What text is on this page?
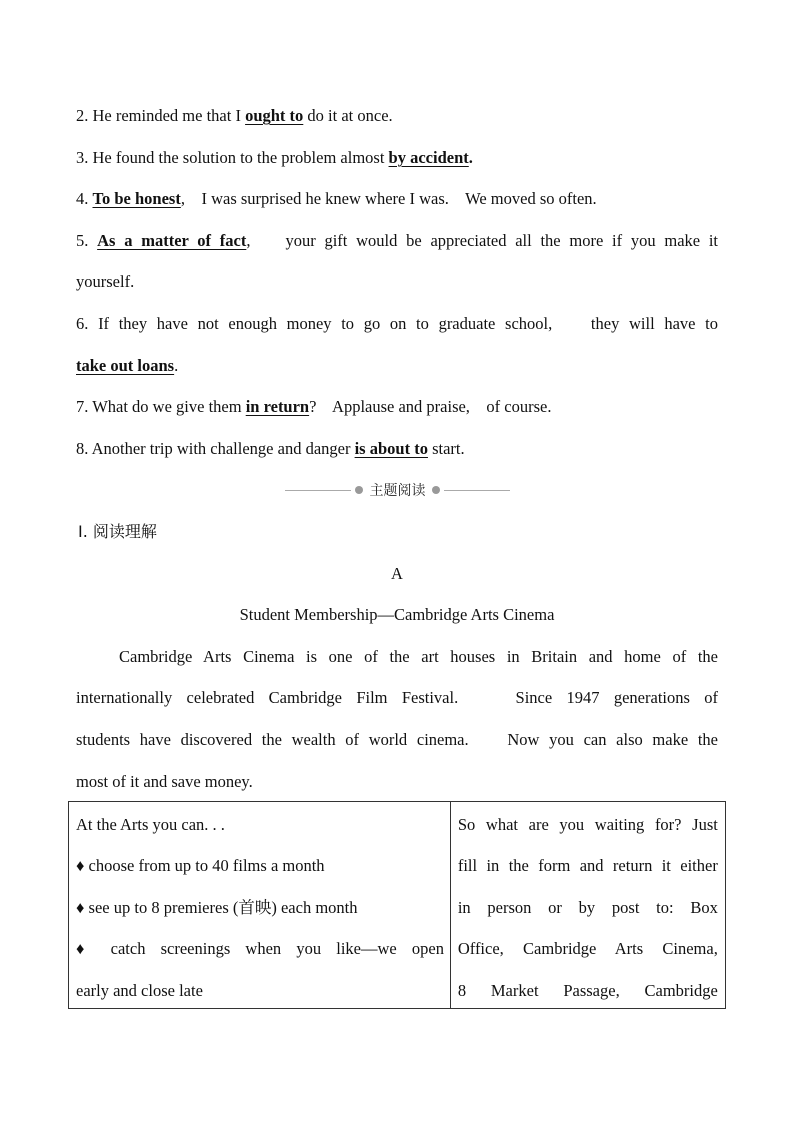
2. He reminded me that I ought to do it at once.
3. He found the solution to the problem almost by accident.
4. To be honest,    I was surprised he knew where I was.    We moved so often.
5. As a matter of fact,    your gift would be appreciated all the more if you make it
yourself.
6. If they have not enough money to go on to graduate school,    they will have to
take out loans.
7. What do we give them in return?    Applause and praise,    of course.
8. Another trip with challenge and danger is about to start.
主题阅读
Ⅰ. 阅读理解
A
Student Membership—Cambridge Arts Cinema
Cambridge Arts Cinema is one of the art houses in Britain and home of the
internationally celebrated Cambridge Film Festival.    Since 1947 generations of
students have discovered the wealth of world cinema.    Now you can also make the
most of it and save money.
At the Arts you can. . .
♦ choose from up to 40 films a month
♦ see up to 8 premieres (首映) each month
♦ catch screenings when you like—we open
early and close late

So what are you waiting for? Just
fill in the form and return it either
in person or by post to: Box
Office, Cambridge Arts Cinema,
8 Market Passage, Cambridge
